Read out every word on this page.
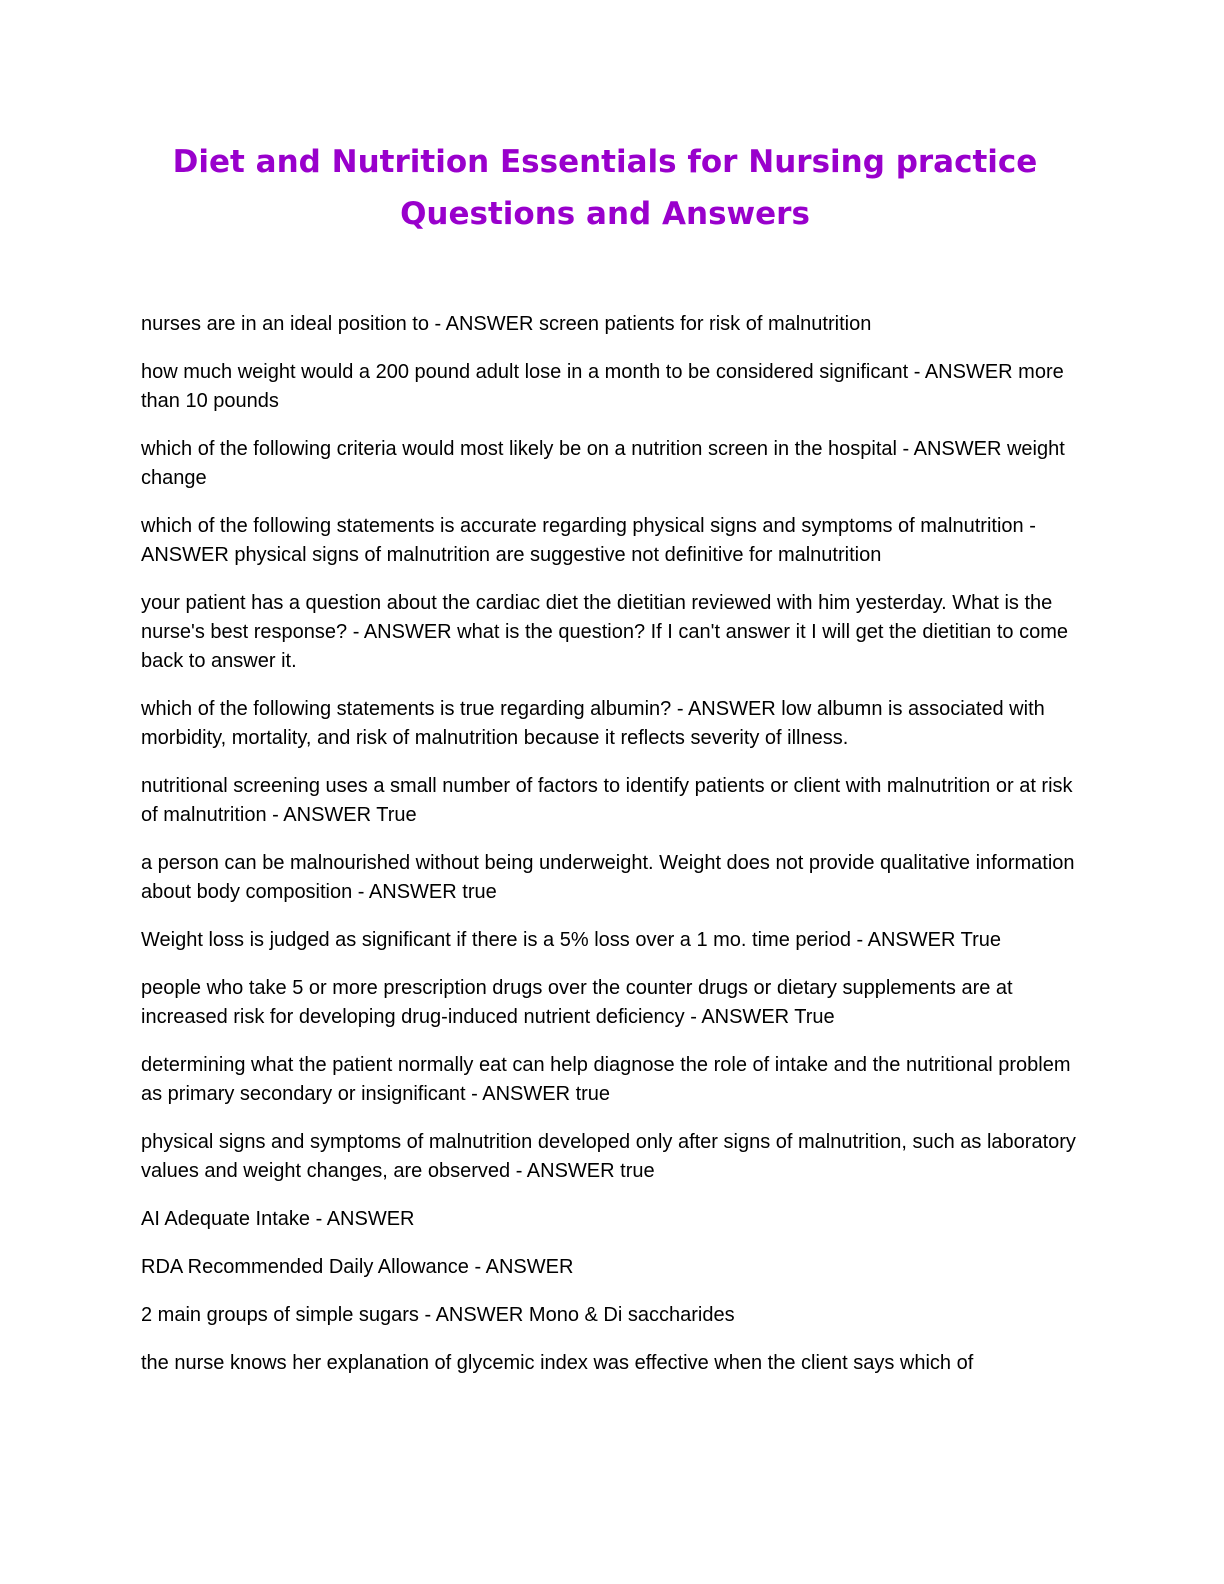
Diet and Nutrition Essentials for Nursing practice
Questions and Answers
nurses are in an ideal position to - ANSWER screen patients for risk of malnutrition
how much weight would a 200 pound adult lose in a month to be considered significant - ANSWER more than 10 pounds
which of the following criteria would most likely be on a nutrition screen in the hospital - ANSWER weight change
which of the following statements is accurate regarding physical signs and symptoms of malnutrition - ANSWER physical signs of malnutrition are suggestive not definitive for malnutrition
your patient has a question about the cardiac diet the dietitian reviewed with him yesterday. What is the nurse's best response? - ANSWER what is the question? If I can't answer it I will get the dietitian to come back to answer it.
which of the following statements is true regarding albumin? - ANSWER low albumn is associated with morbidity, mortality, and risk of malnutrition because it reflects severity of illness.
nutritional screening uses a small number of factors to identify patients or client with malnutrition or at risk of malnutrition - ANSWER True
a person can be malnourished without being underweight. Weight does not provide qualitative information about body composition - ANSWER true
Weight loss is judged as significant if there is a 5% loss over a 1 mo. time period - ANSWER True
people who take 5 or more prescription drugs over the counter drugs or dietary supplements are at increased risk for developing drug-induced nutrient deficiency - ANSWER True
determining what the patient normally eat can help diagnose the role of intake and the nutritional problem as primary secondary or insignificant - ANSWER true
physical signs and symptoms of malnutrition developed only after signs of malnutrition, such as laboratory values and weight changes, are observed - ANSWER true
AI Adequate Intake - ANSWER
RDA Recommended Daily Allowance - ANSWER
2 main groups of simple sugars - ANSWER Mono & Di saccharides
the nurse knows her explanation of glycemic index was effective when the client says which of
